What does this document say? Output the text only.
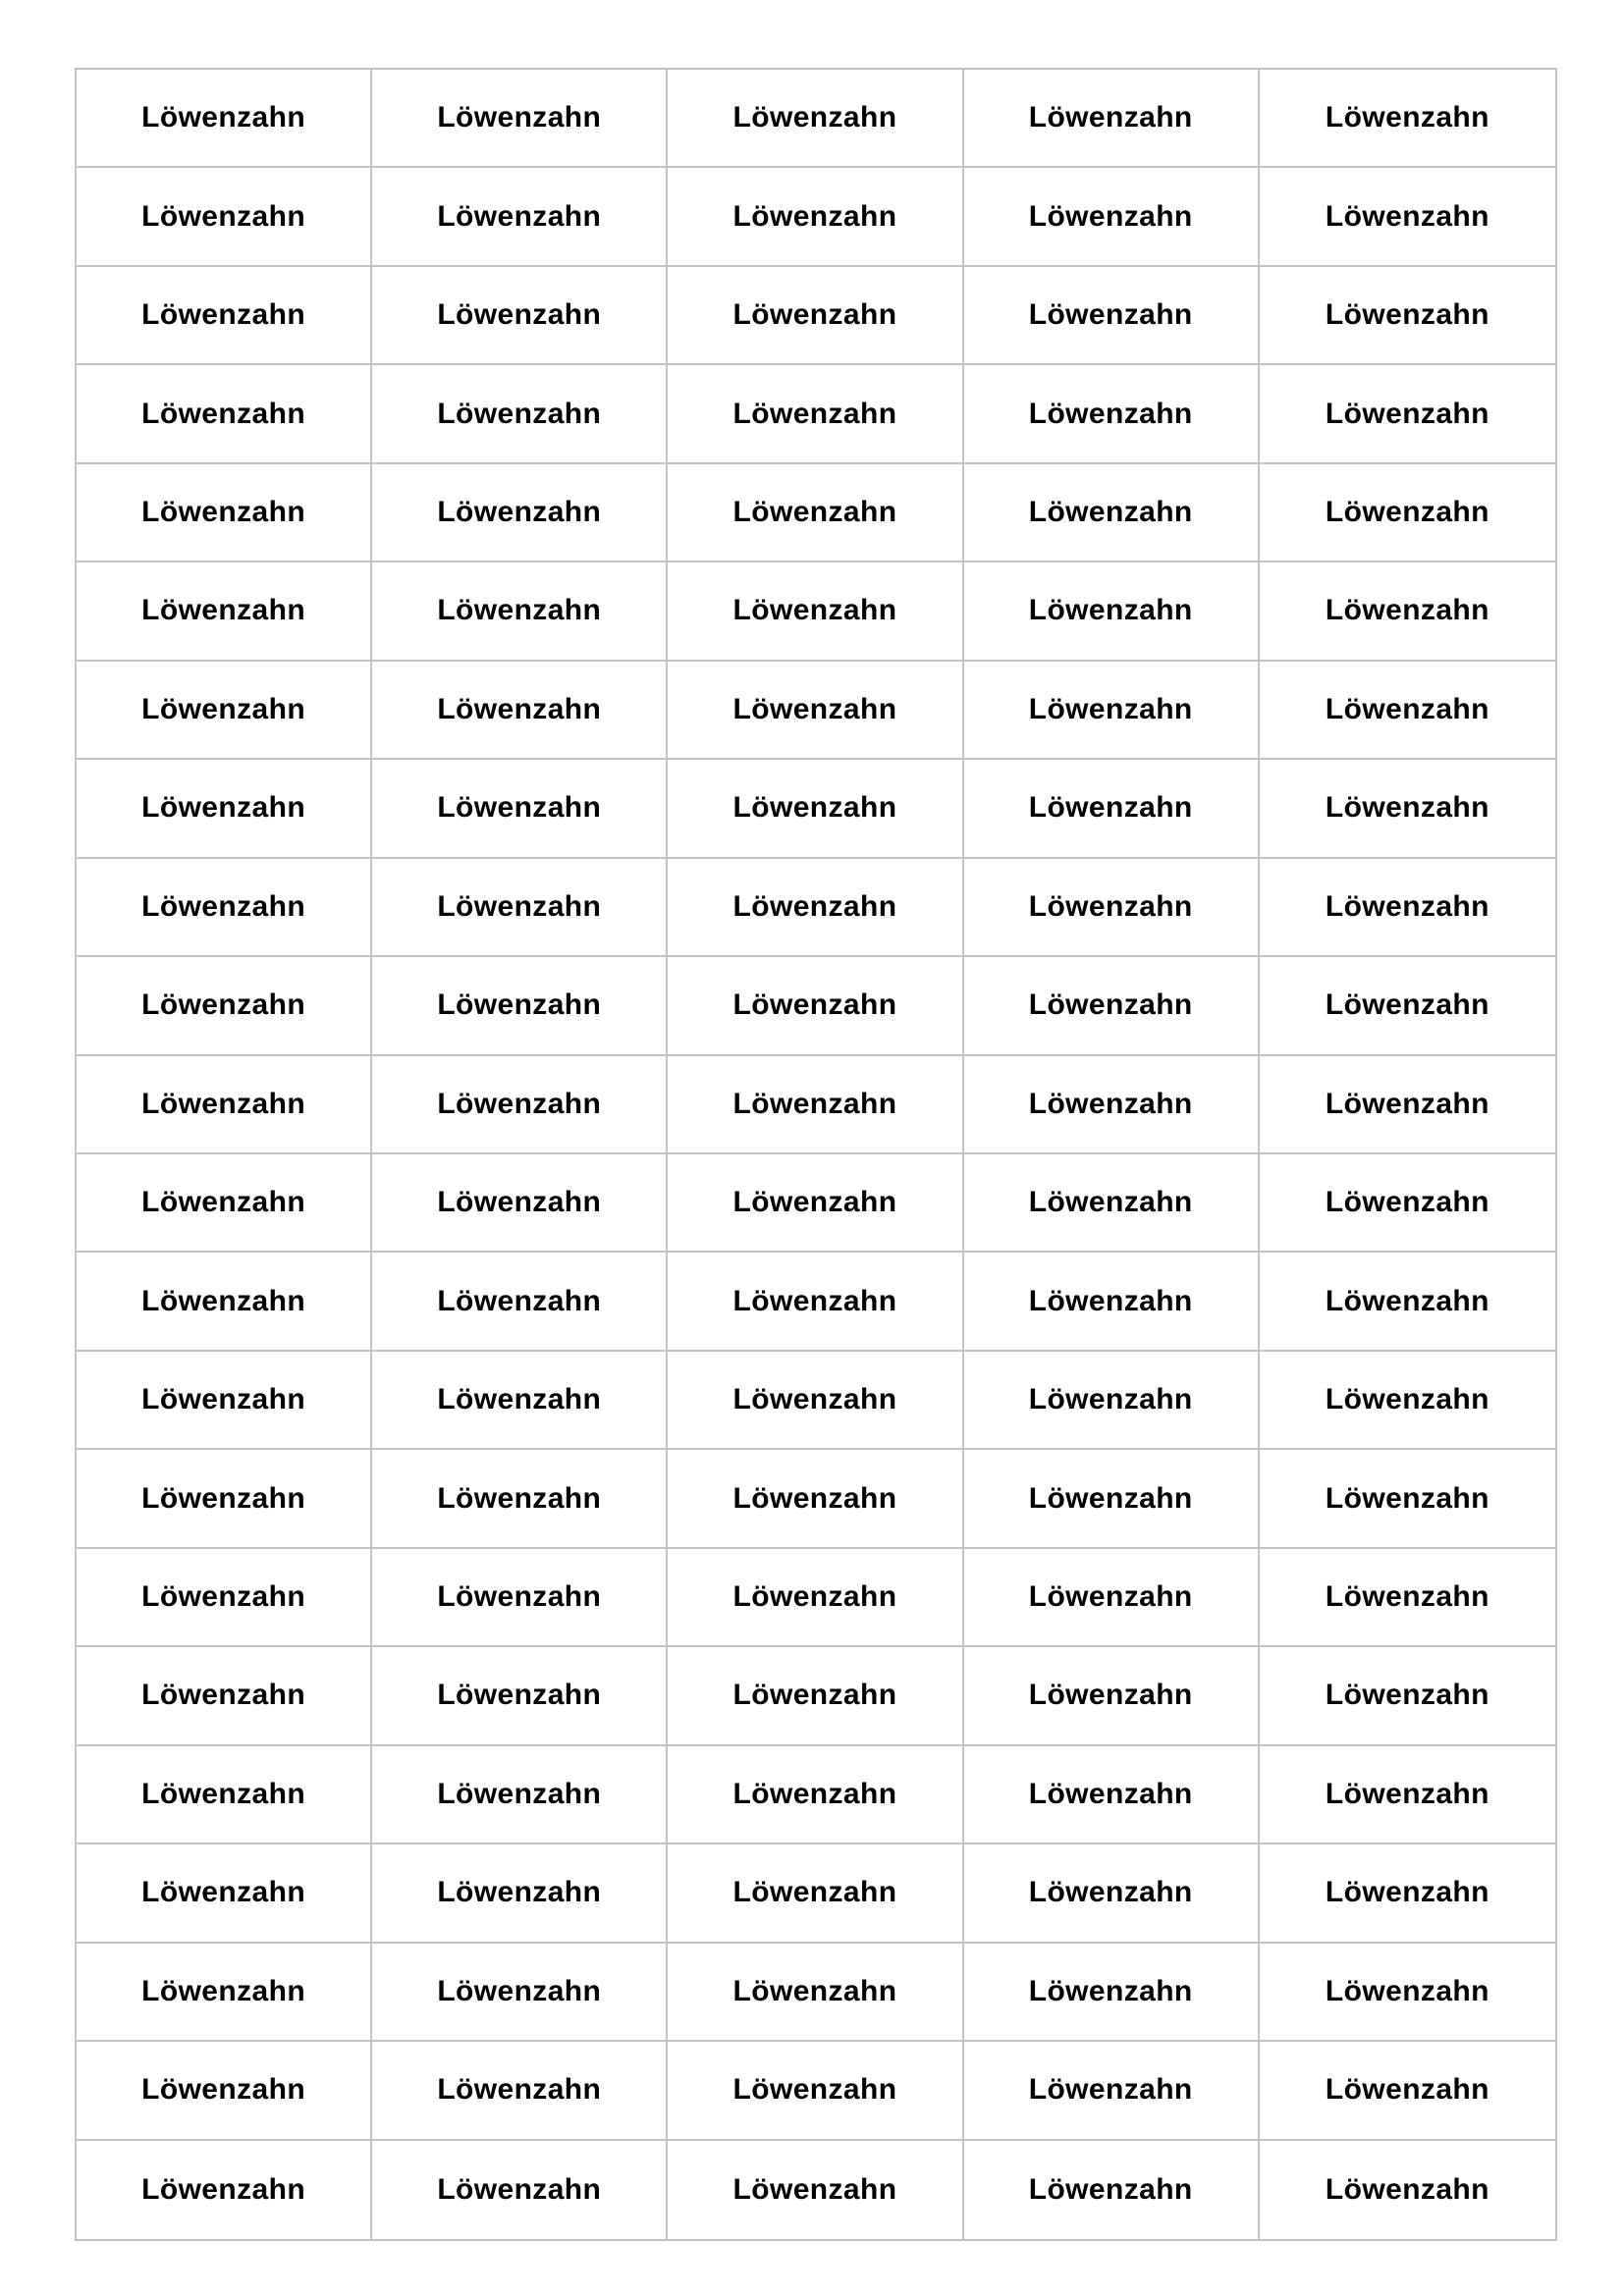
Löwenzahn	Löwenzahn	Löwenzahn	Löwenzahn	Löwenzahn
Löwenzahn	Löwenzahn	Löwenzahn	Löwenzahn	Löwenzahn
Löwenzahn	Löwenzahn	Löwenzahn	Löwenzahn	Löwenzahn
Löwenzahn	Löwenzahn	Löwenzahn	Löwenzahn	Löwenzahn
Löwenzahn	Löwenzahn	Löwenzahn	Löwenzahn	Löwenzahn
Löwenzahn	Löwenzahn	Löwenzahn	Löwenzahn	Löwenzahn
Löwenzahn	Löwenzahn	Löwenzahn	Löwenzahn	Löwenzahn
Löwenzahn	Löwenzahn	Löwenzahn	Löwenzahn	Löwenzahn
Löwenzahn	Löwenzahn	Löwenzahn	Löwenzahn	Löwenzahn
Löwenzahn	Löwenzahn	Löwenzahn	Löwenzahn	Löwenzahn
Löwenzahn	Löwenzahn	Löwenzahn	Löwenzahn	Löwenzahn
Löwenzahn	Löwenzahn	Löwenzahn	Löwenzahn	Löwenzahn
Löwenzahn	Löwenzahn	Löwenzahn	Löwenzahn	Löwenzahn
Löwenzahn	Löwenzahn	Löwenzahn	Löwenzahn	Löwenzahn
Löwenzahn	Löwenzahn	Löwenzahn	Löwenzahn	Löwenzahn
Löwenzahn	Löwenzahn	Löwenzahn	Löwenzahn	Löwenzahn
Löwenzahn	Löwenzahn	Löwenzahn	Löwenzahn	Löwenzahn
Löwenzahn	Löwenzahn	Löwenzahn	Löwenzahn	Löwenzahn
Löwenzahn	Löwenzahn	Löwenzahn	Löwenzahn	Löwenzahn
Löwenzahn	Löwenzahn	Löwenzahn	Löwenzahn	Löwenzahn
Löwenzahn	Löwenzahn	Löwenzahn	Löwenzahn	Löwenzahn
Löwenzahn	Löwenzahn	Löwenzahn	Löwenzahn	Löwenzahn
